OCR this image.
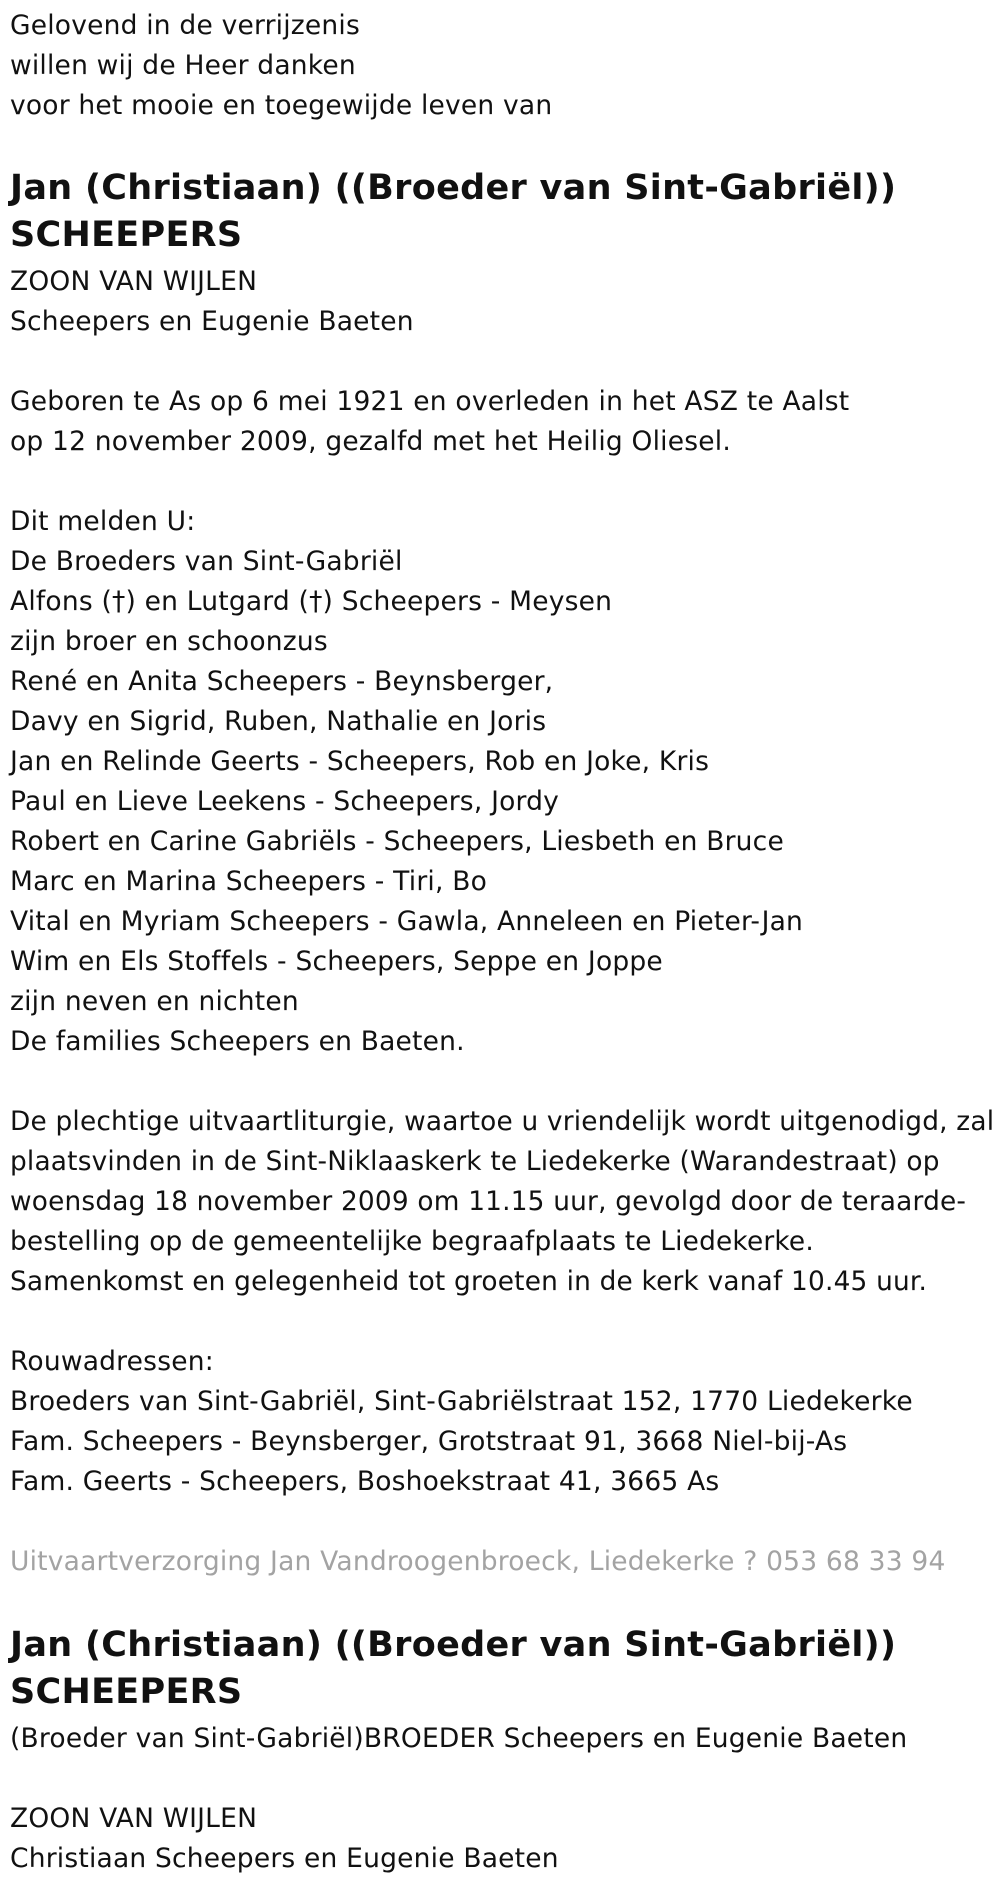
Gelovend in de verrijzenis
willen wij de Heer danken
voor het mooie en toegewijde leven van
Jan (Christiaan) ((Broeder van Sint-Gabriël))
SCHEEPERS
ZOON VAN WIJLEN
Scheepers en Eugenie Baeten
Geboren te As op 6 mei 1921 en overleden in het ASZ te Aalst
op 12 november 2009, gezalfd met het Heilig Oliesel.
Dit melden U:
De Broeders van Sint-Gabriël
Alfons (†) en Lutgard (†) Scheepers - Meysen
zijn broer en schoonzus
René en Anita Scheepers - Beynsberger,
Davy en Sigrid, Ruben, Nathalie en Joris
Jan en Relinde Geerts - Scheepers, Rob en Joke, Kris
Paul en Lieve Leekens - Scheepers, Jordy
Robert en Carine Gabriëls - Scheepers, Liesbeth en Bruce
Marc en Marina Scheepers - Tiri, Bo
Vital en Myriam Scheepers - Gawla, Anneleen en Pieter-Jan
Wim en Els Stoffels - Scheepers, Seppe en Joppe
zijn neven en nichten
De families Scheepers en Baeten.
De plechtige uitvaartliturgie, waartoe u vriendelijk wordt uitgenodigd, zal
plaatsvinden in de Sint-Niklaaskerk te Liedekerke (Warandestraat) op
woensdag 18 november 2009 om 11.15 uur, gevolgd door de teraarde-
bestelling op de gemeentelijke begraafplaats te Liedekerke.
Samenkomst en gelegenheid tot groeten in de kerk vanaf 10.45 uur.
Rouwadressen:
Broeders van Sint-Gabriël, Sint-Gabriëlstraat 152, 1770 Liedekerke
Fam. Scheepers - Beynsberger, Grotstraat 91, 3668 Niel-bij-As
Fam. Geerts - Scheepers, Boshoekstraat 41, 3665 As
Uitvaartverzorging Jan Vandroogenbroeck, Liedekerke ? 053 68 33 94
Jan (Christiaan) ((Broeder van Sint-Gabriël))
SCHEEPERS
(Broeder van Sint-Gabriël)BROEDER Scheepers en Eugenie Baeten
ZOON VAN WIJLEN
Christiaan Scheepers en Eugenie Baeten
